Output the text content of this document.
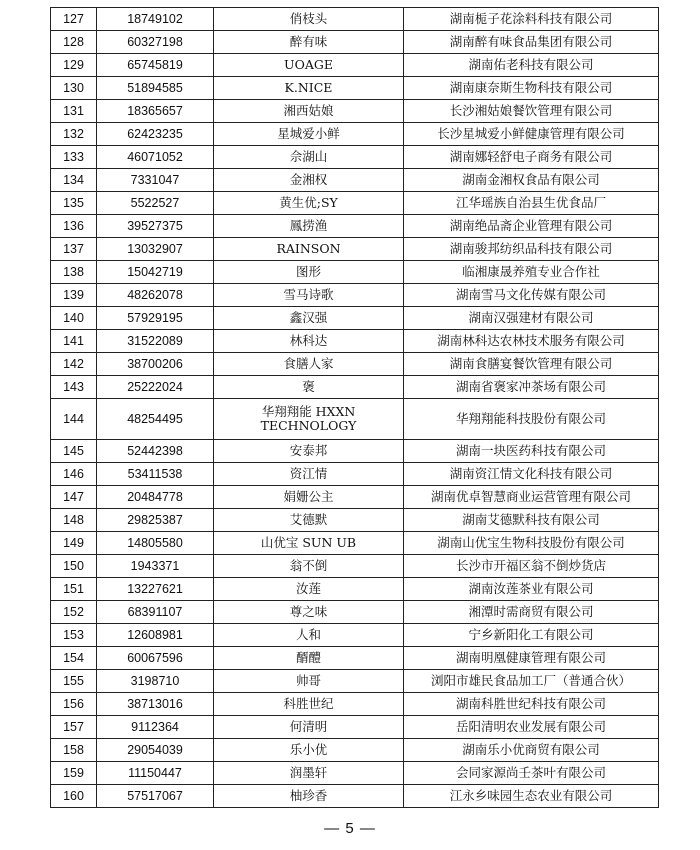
127	18749102	俏枝头	湖南栀子花涂料科技有限公司
128	60327198	醉有味	湖南醉有味食品集团有限公司
129	65745819	UOAGE	湖南佑老科技有限公司
130	51894585	K.NICE	湖南康奈斯生物科技有限公司
131	18365657	湘西姑娘	长沙湘姑娘餐饮管理有限公司
132	62423235	星城爱小鲜	长沙星城爱小鲜健康管理有限公司
133	46071052	佘湖山	湖南娜轻舒电子商务有限公司
134	7331047	金湘权	湖南金湘权食品有限公司
135	5522527	黄生优;SY	江华瑶族自治县生优食品厂
136	39527375	鳳捞渔	湖南绝品斋企业管理有限公司
137	13032907	RAINSON	湖南骏邦纺织品科技有限公司
138	15042719	图形	临湘康晟养殖专业合作社
139	48262078	雪马诗歌	湖南雪马文化传媒有限公司
140	57929195	鑫汉强	湖南汉强建材有限公司
141	31522089	林科达	湖南林科达农林技术服务有限公司
142	38700206	食膳人家	湖南食膳宴餐饮管理有限公司
143	25222024	褒	湖南省褒家冲茶场有限公司
144	48254495	华翔翔能 HXXN TECHNOLOGY	华翔翔能科技股份有限公司
145	52442398	安泰邦	湖南一块医药科技有限公司
146	53411538	资江情	湖南资江情文化科技有限公司
147	20484778	娟姗公主	湖南优卓智慧商业运营管理有限公司
148	29825387	艾德默	湖南艾德默科技有限公司
149	14805580	山优宝 SUN UB	湖南山优宝生物科技股份有限公司
150	1943371	翁不倒	长沙市开福区翁不倒炒货店
151	13227621	汝莲	湖南汝莲茶业有限公司
152	68391107	尊之味	湘潭时需商贸有限公司
153	12608981	人和	宁乡新阳化工有限公司
154	60067596	醑醴	湖南明凰健康管理有限公司
155	3198710	帅哥	浏阳市雄民食品加工厂（普通合伙）
156	38713016	科胜世纪	湖南科胜世纪科技有限公司
157	9112364	何清明	岳阳清明农业发展有限公司
158	29054039	乐小优	湖南乐小优商贸有限公司
159	11150447	润墨轩	会同家源尚壬茶叶有限公司
160	57517067	柚珍香	江永乡味园生态农业有限公司
— 5 —
